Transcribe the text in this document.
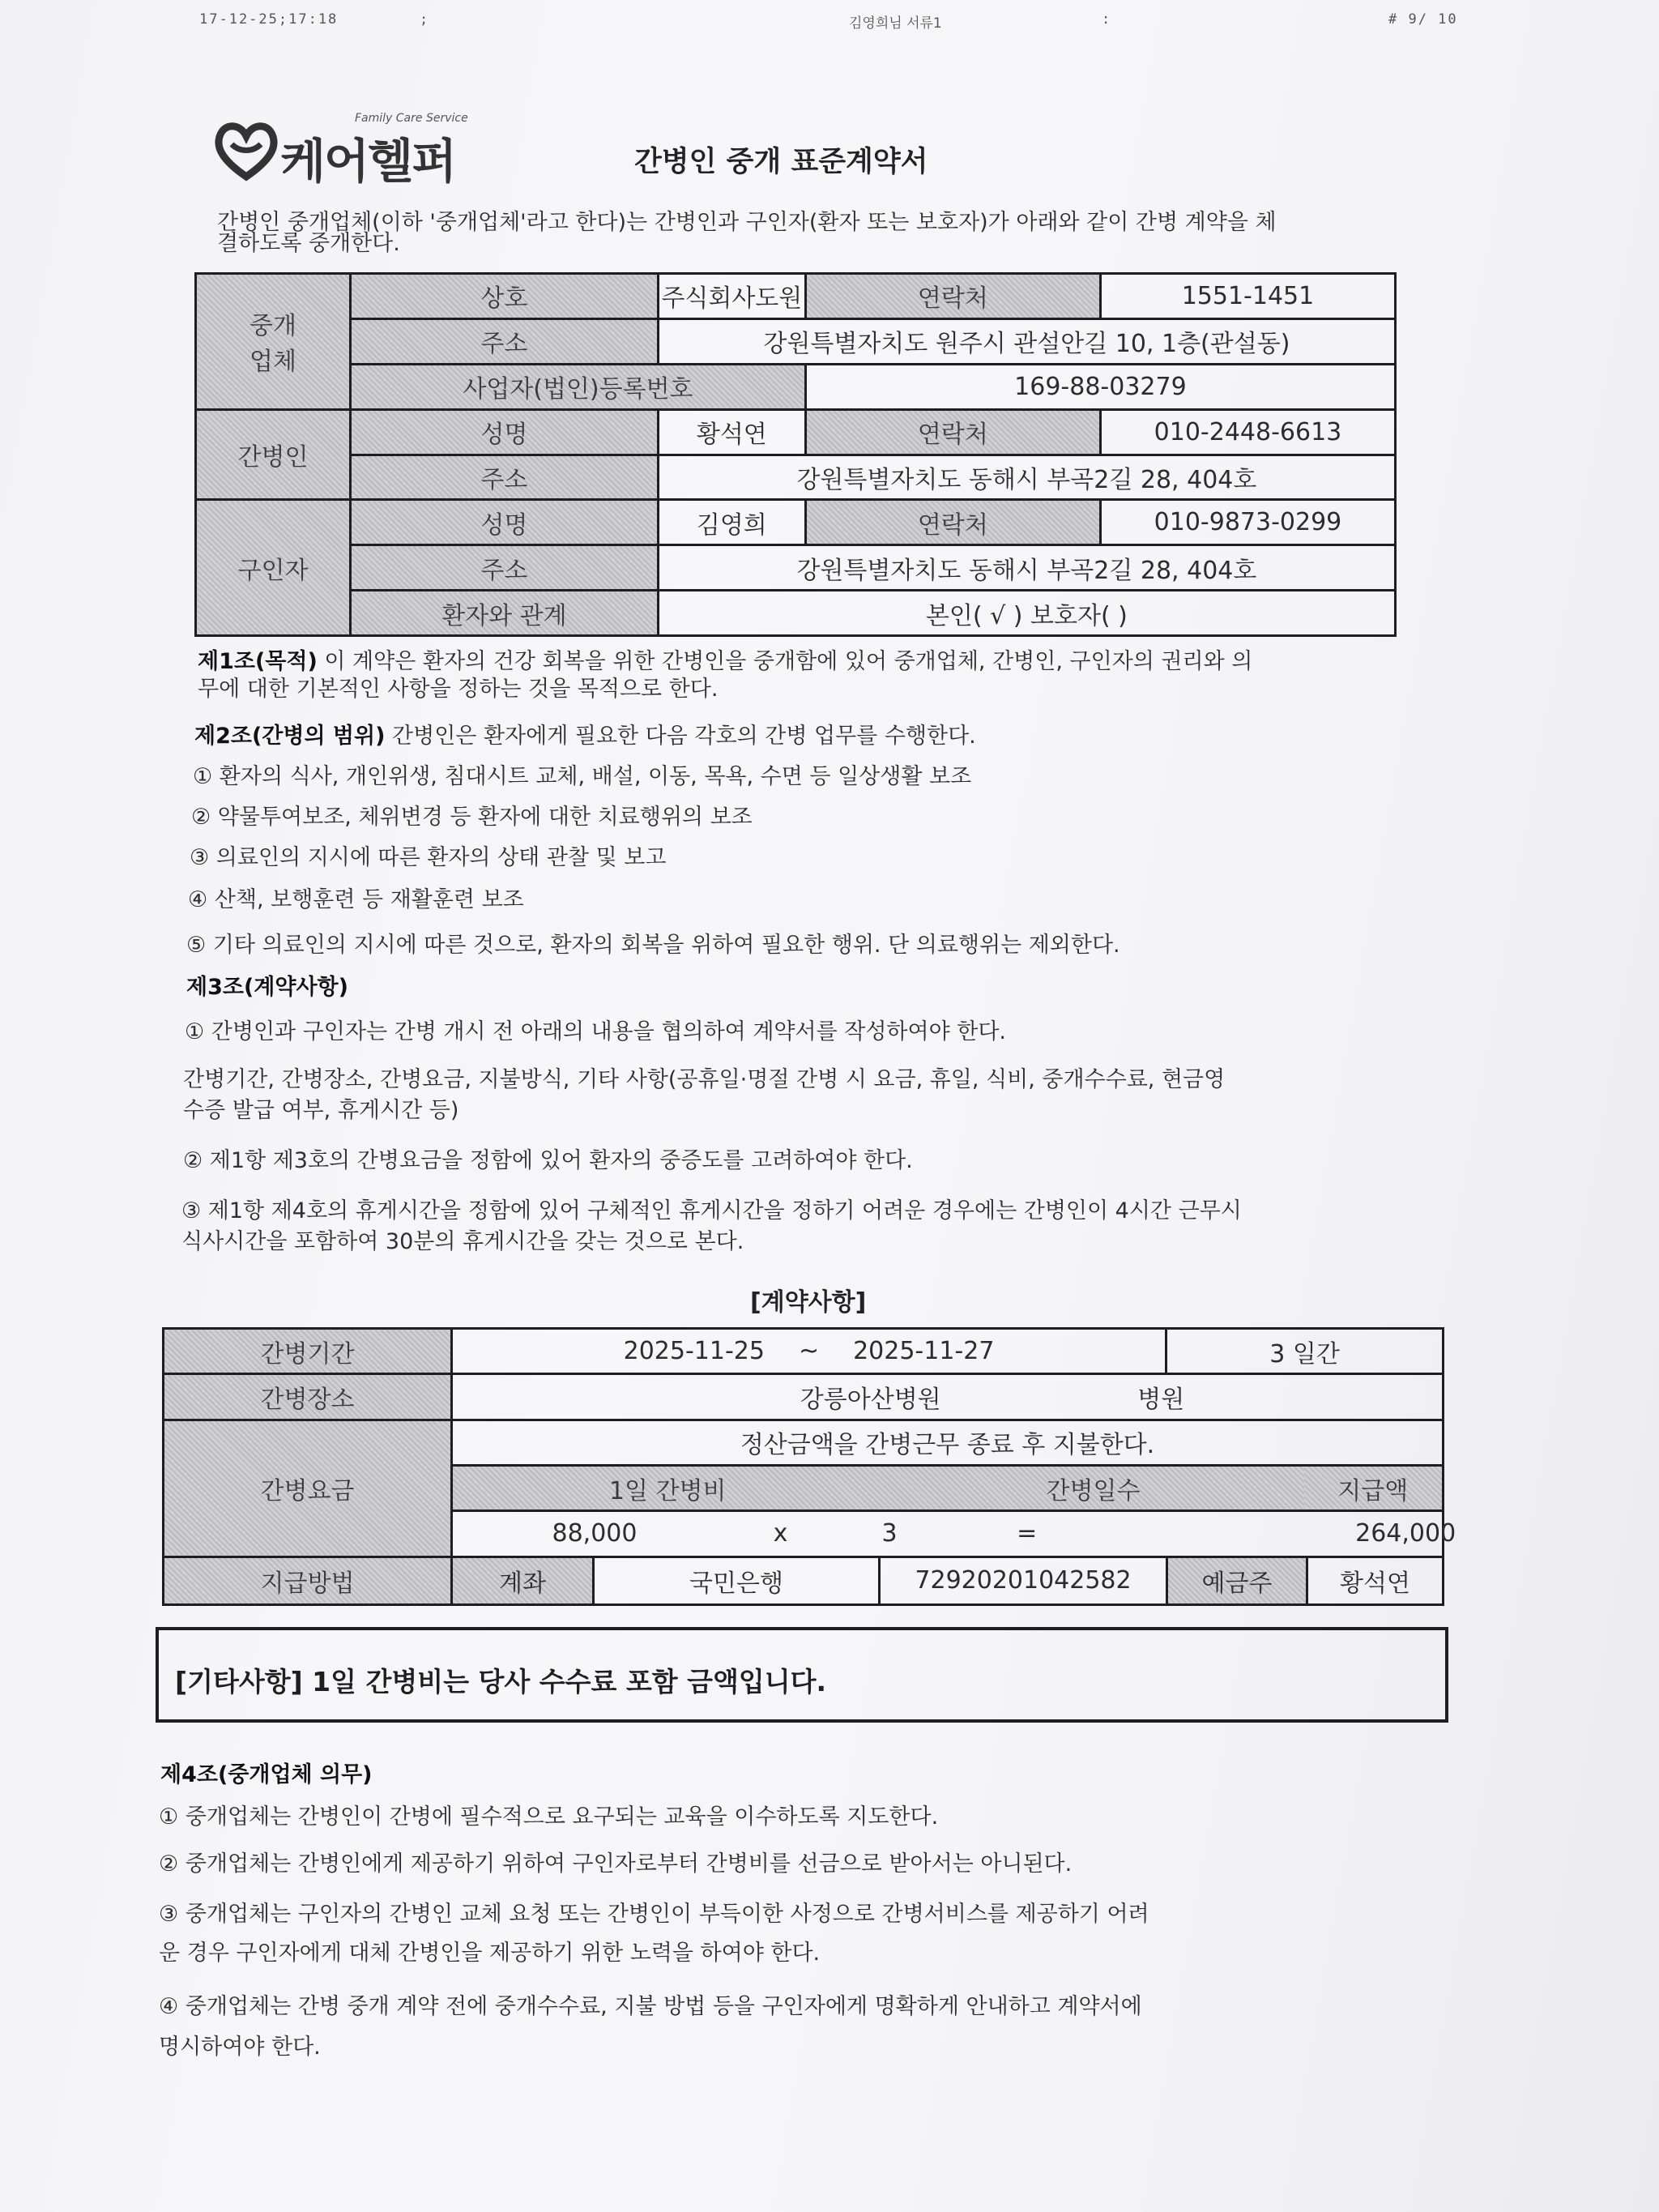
17-12-25;17:18	;	김영희님 서류1	:	# 9/ 10
케어헬퍼
Family Care Service
간병인 중개 표준계약서
간병인 중개업체(이하 '중개업체'라고 한다)는 간병인과 구인자(환자 또는 보호자)가 아래와 같이 간병 계약을 체
결하도록 중개한다.
중개
업체	상호	주식회사도원	연락처	1551-1451
	주소	강원특별자치도 원주시 관설안길 10, 1층(관설동)		
	사업자(법인)등록번호		169-88-03279	
간병인	성명	황석연	연락처	010-2448-6613
	주소	강원특별자치도 동해시 부곡2길 28, 404호		
구인자	성명	김영희	연락처	010-9873-0299
	주소	강원특별자치도 동해시 부곡2길 28, 404호		
	환자와 관계	본인( √ ) 보호자( )		
제1조(목적) 이 계약은 환자의 건강 회복을 위한 간병인을 중개함에 있어 중개업체, 간병인, 구인자의 권리와 의
무에 대한 기본적인 사항을 정하는 것을 목적으로 한다.
제2조(간병의 범위) 간병인은 환자에게 필요한 다음 각호의 간병 업무를 수행한다.
① 환자의 식사, 개인위생, 침대시트 교체, 배설, 이동, 목욕, 수면 등 일상생활 보조
② 약물투여보조, 체위변경 등 환자에 대한 치료행위의 보조
③ 의료인의 지시에 따른 환자의 상태 관찰 및 보고
④ 산책, 보행훈련 등 재활훈련 보조
⑤ 기타 의료인의 지시에 따른 것으로, 환자의 회복을 위하여 필요한 행위. 단 의료행위는 제외한다.
제3조(계약사항)
① 간병인과 구인자는 간병 개시 전 아래의 내용을 협의하여 계약서를 작성하여야 한다.
간병기간, 간병장소, 간병요금, 지불방식, 기타 사항(공휴일·명절 간병 시 요금, 휴일, 식비, 중개수수료, 현금영
수증 발급 여부, 휴게시간 등)
② 제1항 제3호의 간병요금을 정함에 있어 환자의 중증도를 고려하여야 한다.
③ 제1항 제4호의 휴게시간을 정함에 있어 구체적인 휴게시간을 정하기 어려운 경우에는 간병인이 4시간 근무시
식사시간을 포함하여 30분의 휴게시간을 갖는 것으로 본다.
[계약사항]
간병기간	2025-11-25 ~ 2025-11-27		3 일간	
간병장소	강릉아산병원 병원			
간병요금	정산금액을 간병근무 종료 후 지불한다.			
	1일 간병비	간병일수		지급액
	88,000 x 3 = 264,000			
지급방법	계좌 국민은행 72920201042582 예금주 황석연			
[기타사항] 1일 간병비는 당사 수수료 포함 금액입니다.
제4조(중개업체 의무)
① 중개업체는 간병인이 간병에 필수적으로 요구되는 교육을 이수하도록 지도한다.
② 중개업체는 간병인에게 제공하기 위하여 구인자로부터 간병비를 선금으로 받아서는 아니된다.
③ 중개업체는 구인자의 간병인 교체 요청 또는 간병인이 부득이한 사정으로 간병서비스를 제공하기 어려
운 경우 구인자에게 대체 간병인을 제공하기 위한 노력을 하여야 한다.
④ 중개업체는 간병 중개 계약 전에 중개수수료, 지불 방법 등을 구인자에게 명확하게 안내하고 계약서에
명시하여야 한다.
